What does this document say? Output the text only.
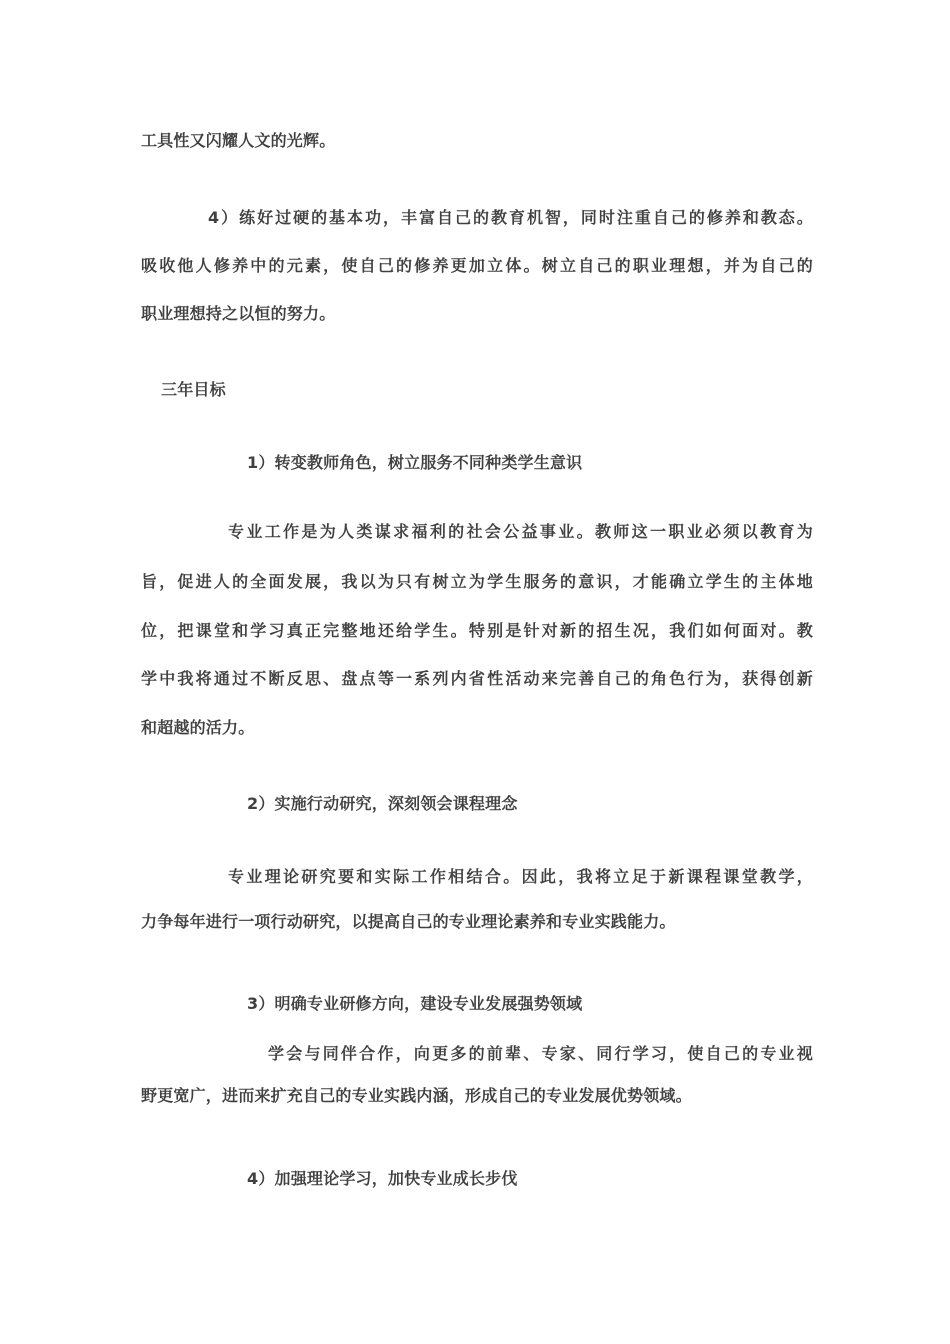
工具性又闪耀人文的光辉。
4）练好过硬的基本功，丰富自己的教育机智，同时注重自己的修养和教态。
吸收他人修养中的元素，使自己的修养更加立体。树立自己的职业理想，并为自己的
职业理想持之以恒的努力。
三年目标
1）转变教师角色，树立服务不同种类学生意识
专业工作是为人类谋求福利的社会公益事业。教师这一职业必须以教育为
旨，促进人的全面发展，我以为只有树立为学生服务的意识，才能确立学生的主体地
位，把课堂和学习真正完整地还给学生。特别是针对新的招生况，我们如何面对。教
学中我将通过不断反思、盘点等一系列内省性活动来完善自己的角色行为，获得创新
和超越的活力。
2）实施行动研究，深刻领会课程理念
专业理论研究要和实际工作相结合。因此，我将立足于新课程课堂教学，
力争每年进行一项行动研究，以提高自己的专业理论素养和专业实践能力。
3）明确专业研修方向，建设专业发展强势领域
学会与同伴合作，向更多的前辈、专家、同行学习，使自己的专业视
野更宽广，进而来扩充自己的专业实践内涵，形成自己的专业发展优势领域。
4）加强理论学习，加快专业成长步伐
